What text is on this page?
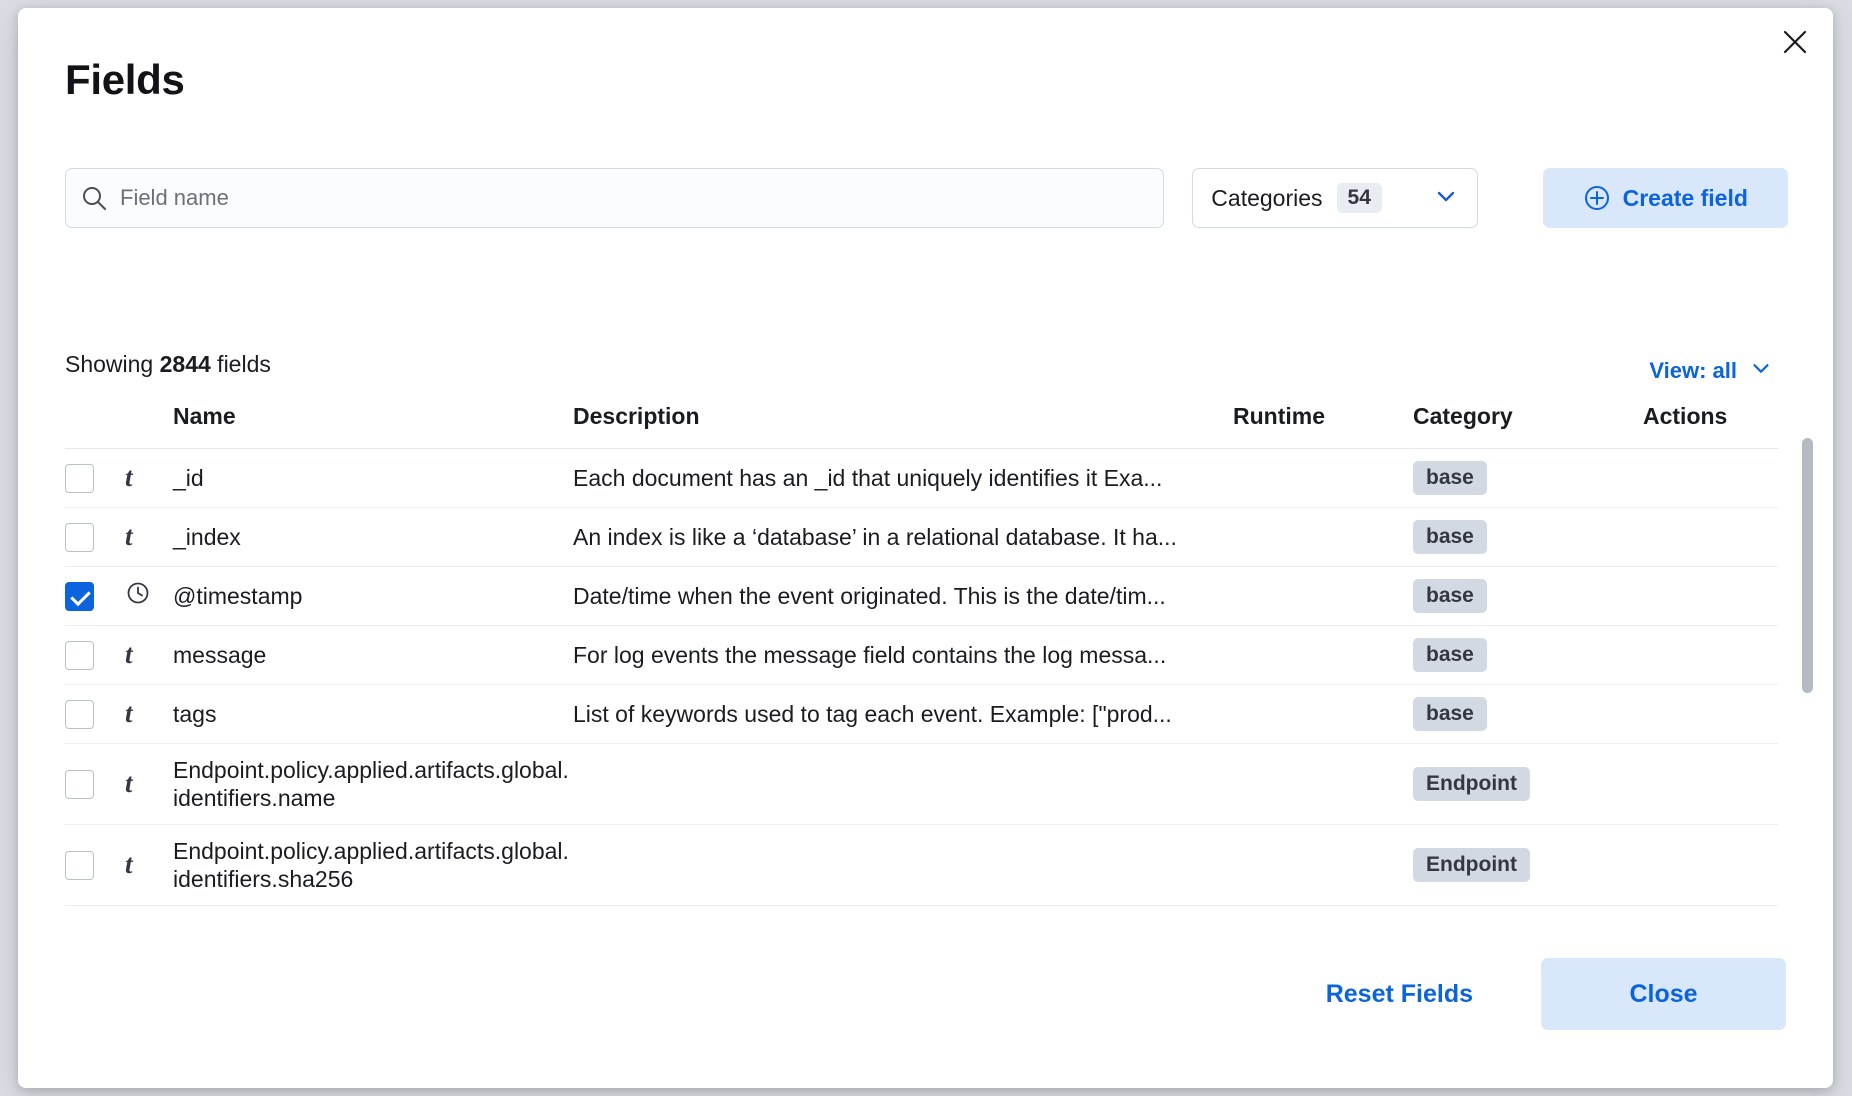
Fields
Field name
Categories	54	Create field
Showing 2844 fields	View: all
		Name	Description	Runtime	Category	Actions
	t	_id	Each document has an _id that uniquely identifies it Exa...		base	
	t	_index	An index is like a ‘database’ in a relational database. It ha...		base	
		@timestamp	Date/time when the event originated. This is the date/tim...		base	
	t	message	For log events the message field contains the log messa...		base	
	t	tags	List of keywords used to tag each event. Example: ["prod...		base	
	t	Endpoint.policy.applied.artifacts.global.identifiers.name			Endpoint	
	t	Endpoint.policy.applied.artifacts.global.identifiers.sha256			Endpoint	
Reset Fields	Close
